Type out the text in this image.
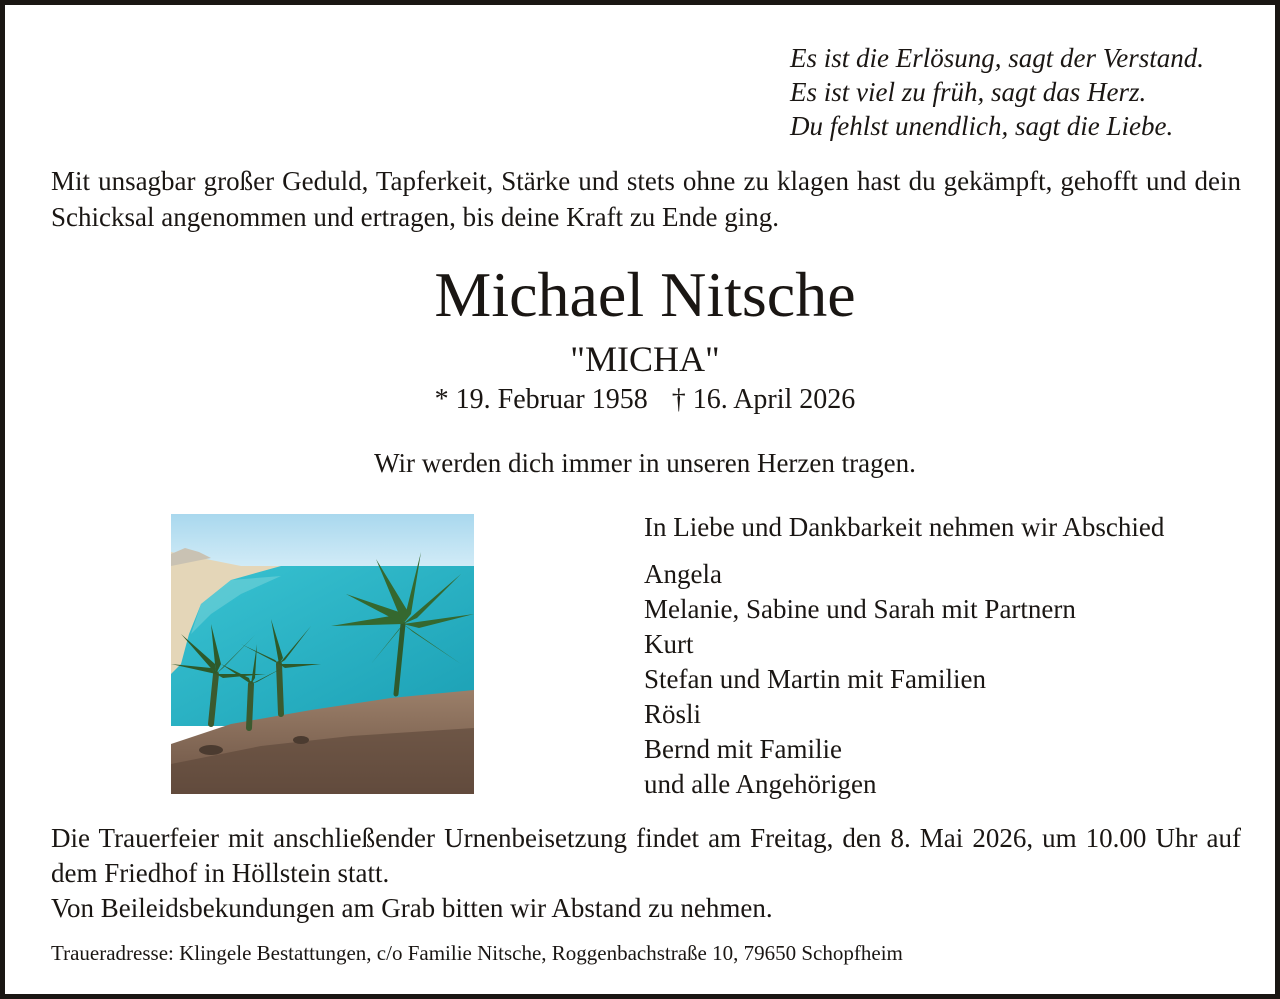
Es ist die Erlösung, sagt der Verstand.
Es ist viel zu früh, sagt das Herz.
Du fehlst unendlich, sagt die Liebe.
Mit unsagbar großer Geduld, Tapferkeit, Stärke und stets ohne zu klagen hast du gekämpft, gehofft und dein Schicksal angenommen und ertragen, bis deine Kraft zu Ende ging.
Michael Nitsche
"MICHA"
* 19. Februar 1958 † 16. April 2026
Wir werden dich immer in unseren Herzen tragen.
In Liebe und Dankbarkeit nehmen wir Abschied
Angela
Melanie, Sabine und Sarah mit Partnern
Kurt
Stefan und Martin mit Familien
Rösli
Bernd mit Familie
und alle Angehörigen
Die Trauerfeier mit anschließender Urnenbeisetzung findet am Freitag, den 8. Mai 2026, um 10.00 Uhr auf dem Friedhof in Höllstein statt.
Von Beileidsbekundungen am Grab bitten wir Abstand zu nehmen.
Traueradresse: Klingele Bestattungen, c/o Familie Nitsche, Roggenbachstraße 10, 79650 Schopfheim
